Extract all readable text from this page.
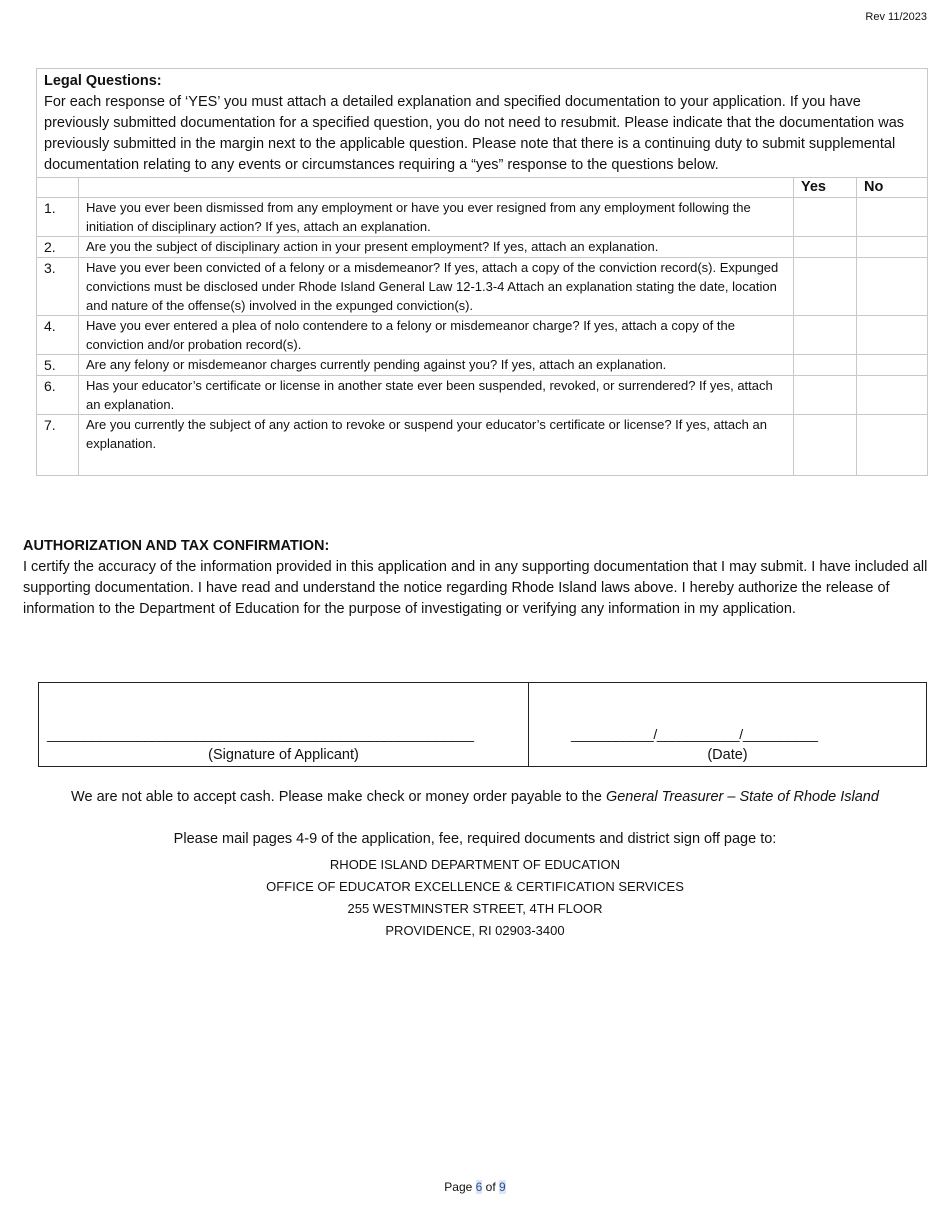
Rev 11/2023
Legal Questions:
For each response of ‘YES’ you must attach a detailed explanation and specified documentation to your application. If you have previously submitted documentation for a specified question, you do not need to resubmit. Please indicate that the documentation was previously submitted in the margin next to the applicable question. Please note that there is a continuing duty to submit supplemental documentation relating to any events or circumstances requiring a “yes” response to the questions below.			

		Yes	No
1.	Have you ever been dismissed from any employment or have you ever resigned from any employment following the initiation of disciplinary action? If yes, attach an explanation.		
2.	Are you the subject of disciplinary action in your present employment? If yes, attach an explanation.		
3.	Have you ever been convicted of a felony or a misdemeanor? If yes, attach a copy of the conviction record(s). Expunged convictions must be disclosed under Rhode Island General Law 12-1.3-4 Attach an explanation stating the date, location and nature of the offense(s) involved in the expunged conviction(s).		
4.	Have you ever entered a plea of nolo contendere to a felony or misdemeanor charge? If yes, attach a copy of the conviction and/or probation record(s).		
5.	Are any felony or misdemeanor charges currently pending against you? If yes, attach an explanation.		
6.	Has your educator’s certificate or license in another state ever been suspended, revoked, or surrendered? If yes, attach an explanation.		
7.	Are you currently the subject of any action to revoke or suspend your educator’s certificate or license? If yes, attach an explanation.		
AUTHORIZATION AND TAX CONFIRMATION:
I certify the accuracy of the information provided in this application and in any supporting documentation that I may submit. I have included all supporting documentation. I have read and understand the notice regarding Rhode Island laws above. I hereby authorize the release of information to the Department of Education for the purpose of investigating or verifying any information in my application.
_________________________________________________________
(Signature of Applicant)
___________/___________/__________
(Date)
We are not able to accept cash. Please make check or money order payable to the General Treasurer – State of Rhode Island
Please mail pages 4-9 of the application, fee, required documents and district sign off page to:
RHODE ISLAND DEPARTMENT OF EDUCATION
OFFICE OF EDUCATOR EXCELLENCE & CERTIFICATION SERVICES
255 WESTMINSTER STREET, 4TH FLOOR
PROVIDENCE, RI 02903-3400
Page 6 of 9
